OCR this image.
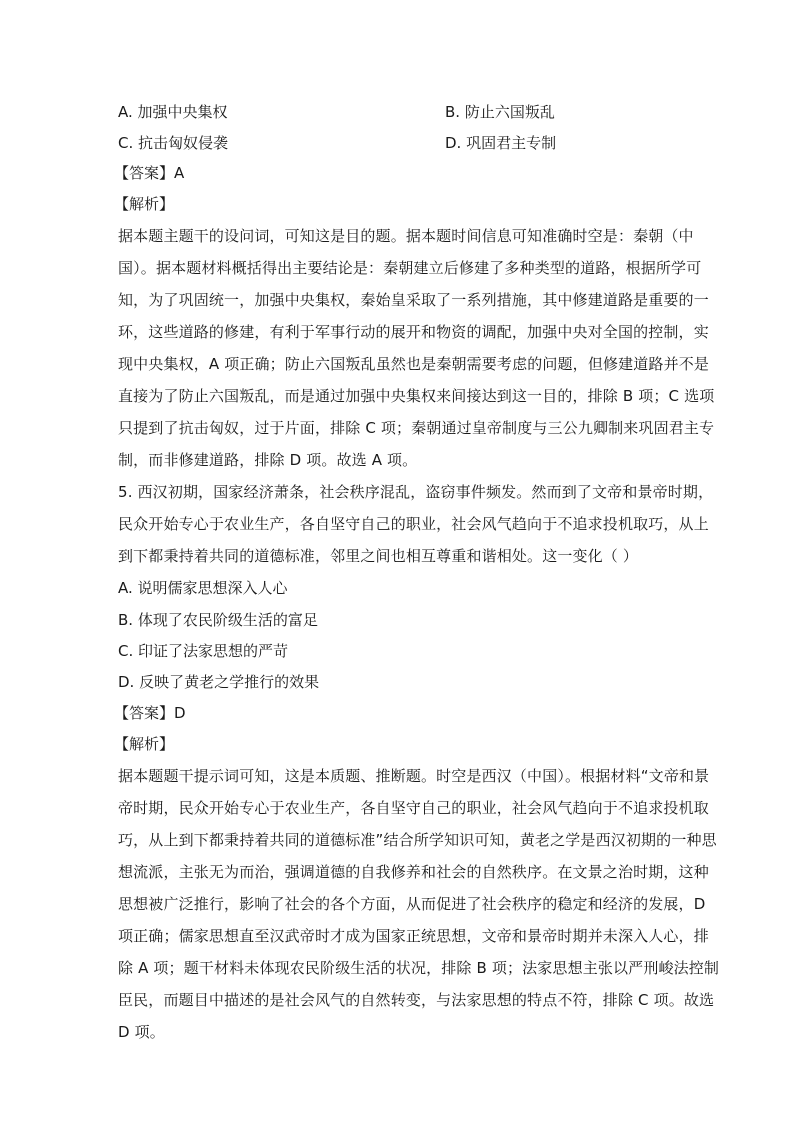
A. 加强中央集权	B. 防止六国叛乱
C. 抗击匈奴侵袭	D. 巩固君主专制
【答案】A
【解析】
据本题主题干的设问词，可知这是目的题。据本题时间信息可知准确时空是：秦朝（中
国）。据本题材料概括得出主要结论是：秦朝建立后修建了多种类型的道路，根据所学可
知，为了巩固统一，加强中央集权，秦始皇采取了一系列措施，其中修建道路是重要的一
环，这些道路的修建，有利于军事行动的展开和物资的调配，加强中央对全国的控制，实
现中央集权，A 项正确；防止六国叛乱虽然也是秦朝需要考虑的问题，但修建道路并不是
直接为了防止六国叛乱，而是通过加强中央集权来间接达到这一目的，排除 B 项；C 选项
只提到了抗击匈奴，过于片面，排除 C 项；秦朝通过皇帝制度与三公九卿制来巩固君主专
制，而非修建道路，排除 D 项。故选 A 项。
5. 西汉初期，国家经济萧条，社会秩序混乱，盗窃事件频发。然而到了文帝和景帝时期，
民众开始专心于农业生产，各自坚守自己的职业，社会风气趋向于不追求投机取巧，从上
到下都秉持着共同的道德标准，邻里之间也相互尊重和谐相处。这一变化（ ）
A. 说明儒家思想深入人心
B. 体现了农民阶级生活的富足
C. 印证了法家思想的严苛
D. 反映了黄老之学推行的效果
【答案】D
【解析】
据本题题干提示词可知，这是本质题、推断题。时空是西汉（中国）。根据材料“文帝和景
帝时期，民众开始专心于农业生产，各自坚守自己的职业，社会风气趋向于不追求投机取
巧，从上到下都秉持着共同的道德标准”结合所学知识可知，黄老之学是西汉初期的一种思
想流派，主张无为而治，强调道德的自我修养和社会的自然秩序。在文景之治时期，这种
思想被广泛推行，影响了社会的各个方面，从而促进了社会秩序的稳定和经济的发展，D
项正确；儒家思想直至汉武帝时才成为国家正统思想，文帝和景帝时期并未深入人心，排
除 A 项；题干材料未体现农民阶级生活的状况，排除 B 项；法家思想主张以严刑峻法控制
臣民，而题目中描述的是社会风气的自然转变，与法家思想的特点不符，排除 C 项。故选
D 项。
